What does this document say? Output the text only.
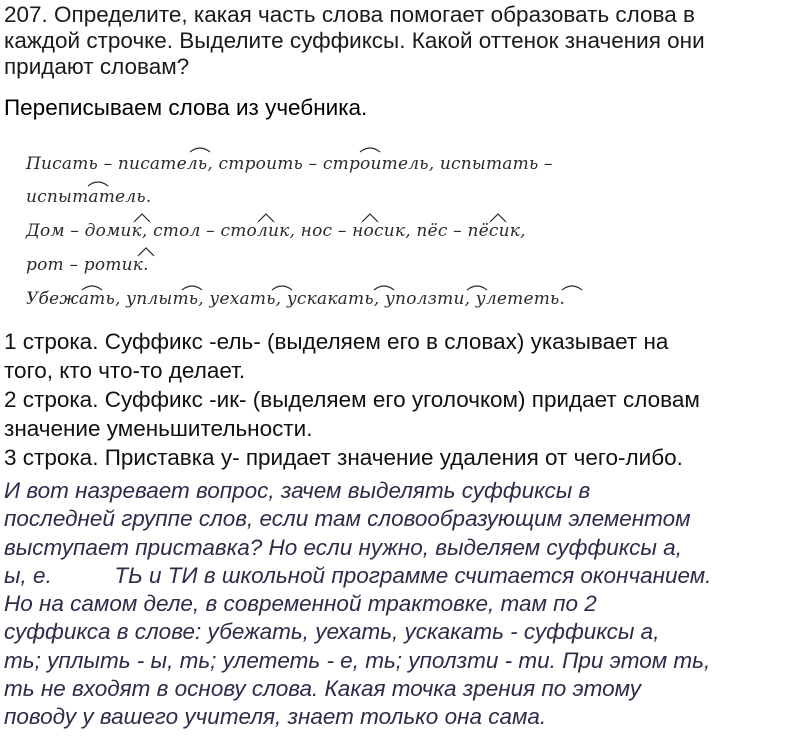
207. Определите, какая часть слова помогает образовать слова в
каждой строчке. Выделите суффиксы. Какой оттенок значения они
придают словам?
Переписываем слова из учебника.
Писать – писатель, строить – строитель, испытать –
испытатель.
Дом – домик, стол – столик, нос – носик, пёс – пёсик,
рот – ротик.
Убежать, уплыть, уехать, ускакать, уползти, улететь.
1 строка. Суффикс -ель- (выделяем его в словах) указывает на
того, кто что-то делает.
2 строка. Суффикс -ик- (выделяем его уголочком) придает словам
значение уменьшительности.
3 строка. Приставка у- придает значение удаления от чего-либо.
И вот назревает вопрос, зачем выделять суффиксы в
последней группе слов, если там словообразующим элементом
выступает приставка? Но если нужно, выделяем суффиксы а,
ы, е.          ТЬ и ТИ в школьной программе считается окончанием.
Но на самом деле, в современной трактовке, там по 2
суффикса в слове: убежать, уехать, ускакать - суффиксы а,
ть; уплыть - ы, ть; улететь - е, ть; уползти - ти. При этом ть,
ть не входят в основу слова. Какая точка зрения по этому
поводу у вашего учителя, знает только она сама.
